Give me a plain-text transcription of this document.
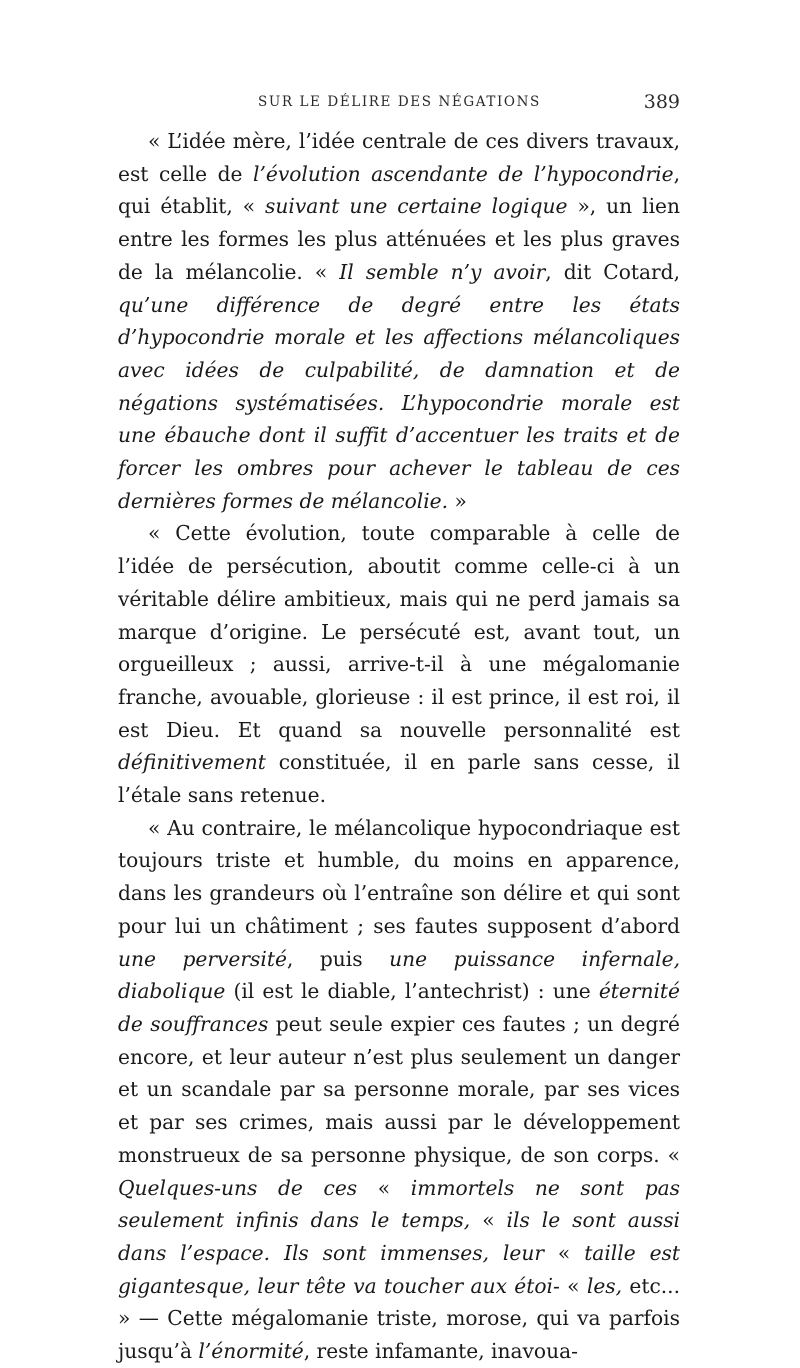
SUR LE DÉLIRE DES NÉGATIONS	389

« L’idée mère, l’idée centrale de ces divers travaux, est celle de l’évolution ascendante de l’hypocondrie, qui établit, « suivant une certaine logique », un lien entre les formes les plus atténuées et les plus graves de la mélancolie. « Il semble n’y avoir, dit Cotard, qu’une différence de degré entre les états d’hypocondrie morale et les affections mélancoliques avec idées de culpabilité, de damnation et de négations systématisées. L’hypocondrie morale est une ébauche dont il suffit d’accentuer les traits et de forcer les ombres pour achever le tableau de ces dernières formes de mélancolie. »

« Cette évolution, toute comparable à celle de l’idée de persécution, aboutit comme celle-ci à un véritable délire ambitieux, mais qui ne perd jamais sa marque d’origine. Le persécuté est, avant tout, un orgueilleux ; aussi, arrive-t-il à une mégalomanie franche, avouable, glorieuse : il est prince, il est roi, il est Dieu. Et quand sa nouvelle personnalité est définitivement constituée, il en parle sans cesse, il l’étale sans retenue.

« Au contraire, le mélancolique hypocondriaque est toujours triste et humble, du moins en apparence, dans les grandeurs où l’entraîne son délire et qui sont pour lui un châtiment ; ses fautes supposent d’abord une perversité, puis une puissance infernale, diabolique (il est le diable, l’antechrist) : une éternité de souffrances peut seule expier ces fautes ; un degré encore, et leur auteur n’est plus seulement un danger et un scandale par sa personne morale, par ses vices et par ses crimes, mais aussi par le développement monstrueux de sa personne physique, de son corps. « Quelques-uns de ces « immortels ne sont pas seulement infinis dans le temps, « ils le sont aussi dans l’espace. Ils sont immenses, leur « taille est gigantesque, leur tête va toucher aux étoi- « les, etc... » — Cette mégalomanie triste, morose, qui va parfois jusqu’à l’énormité, reste infamante, inavoua-
